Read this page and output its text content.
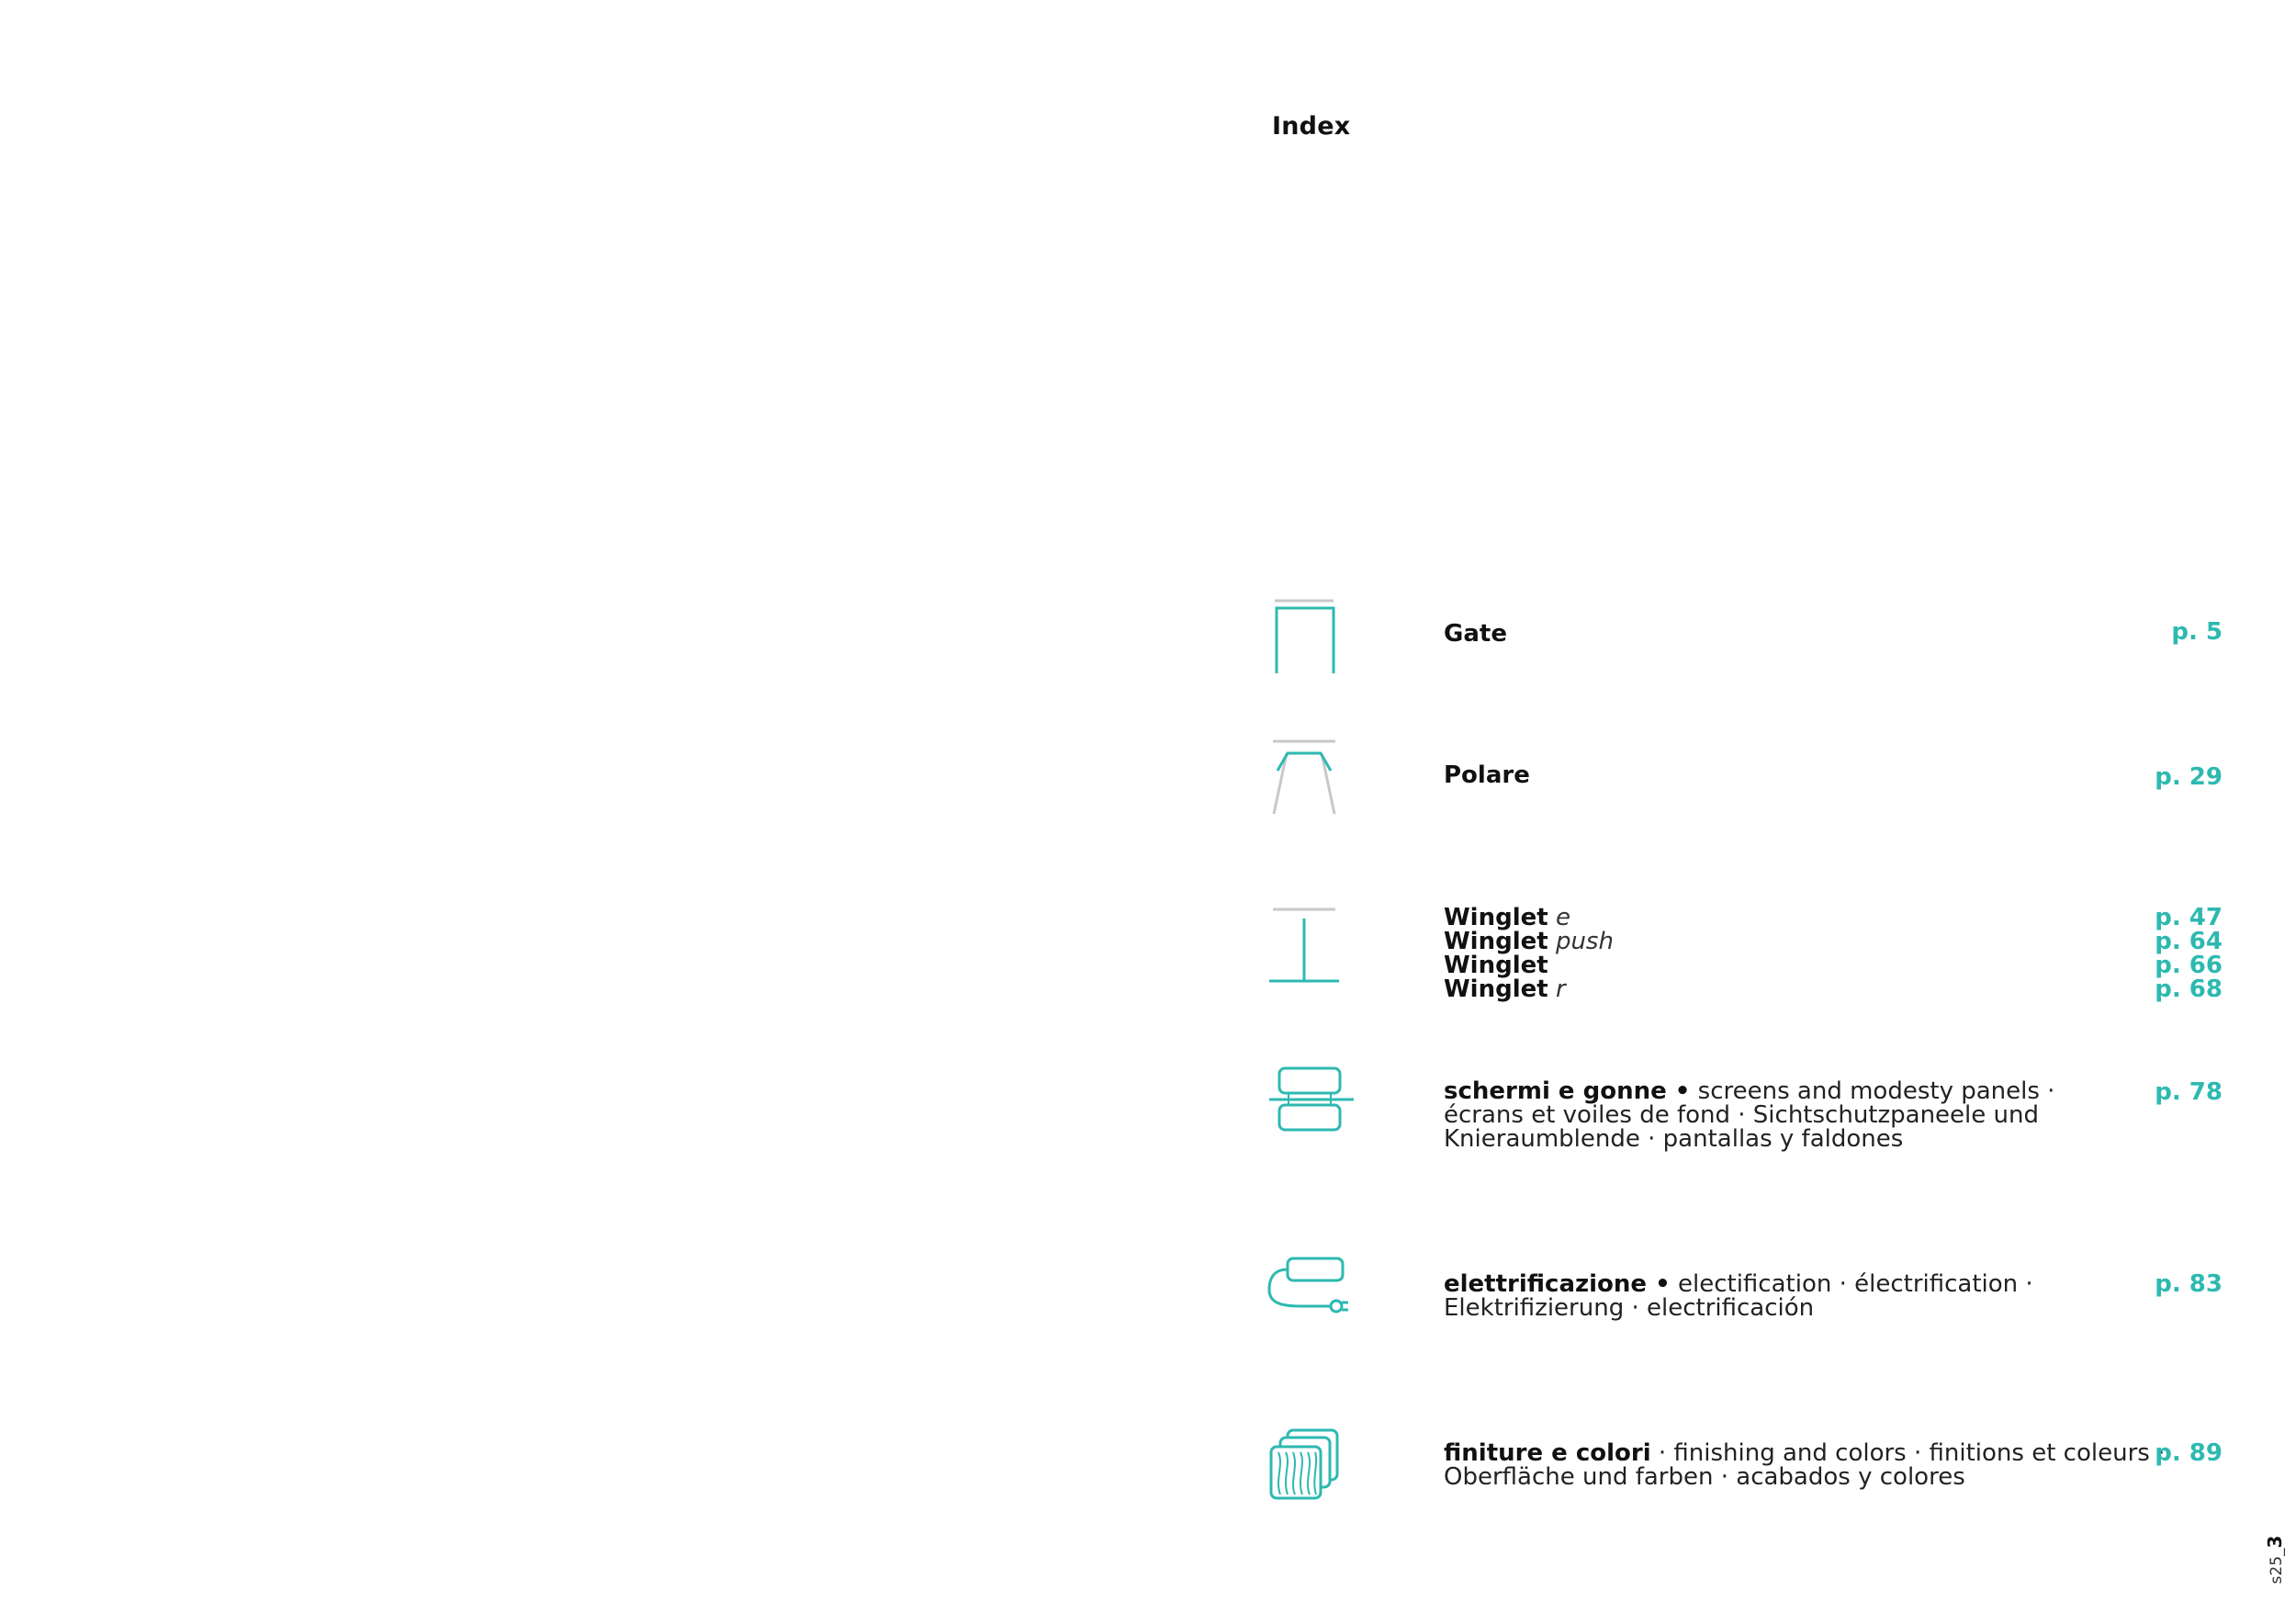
Index
Gate	p. 5
Polare	p. 29
Winglet e
Winglet push
Winglet
Winglet r
p. 47
p. 64
p. 66
p. 68
schermi e gonne • screens and modesty panels ·
écrans et voiles de fond · Sichtschutzpaneele und
Knieraumblende · pantallas y faldones
p. 78
elettrificazione • electification · électrification ·
Elektrifizierung · electrificación
p. 83
finiture e colori · finishing and colors · finitions et coleurs ·
Oberfläche und farben · acabados y colores
p. 89
s25_3
